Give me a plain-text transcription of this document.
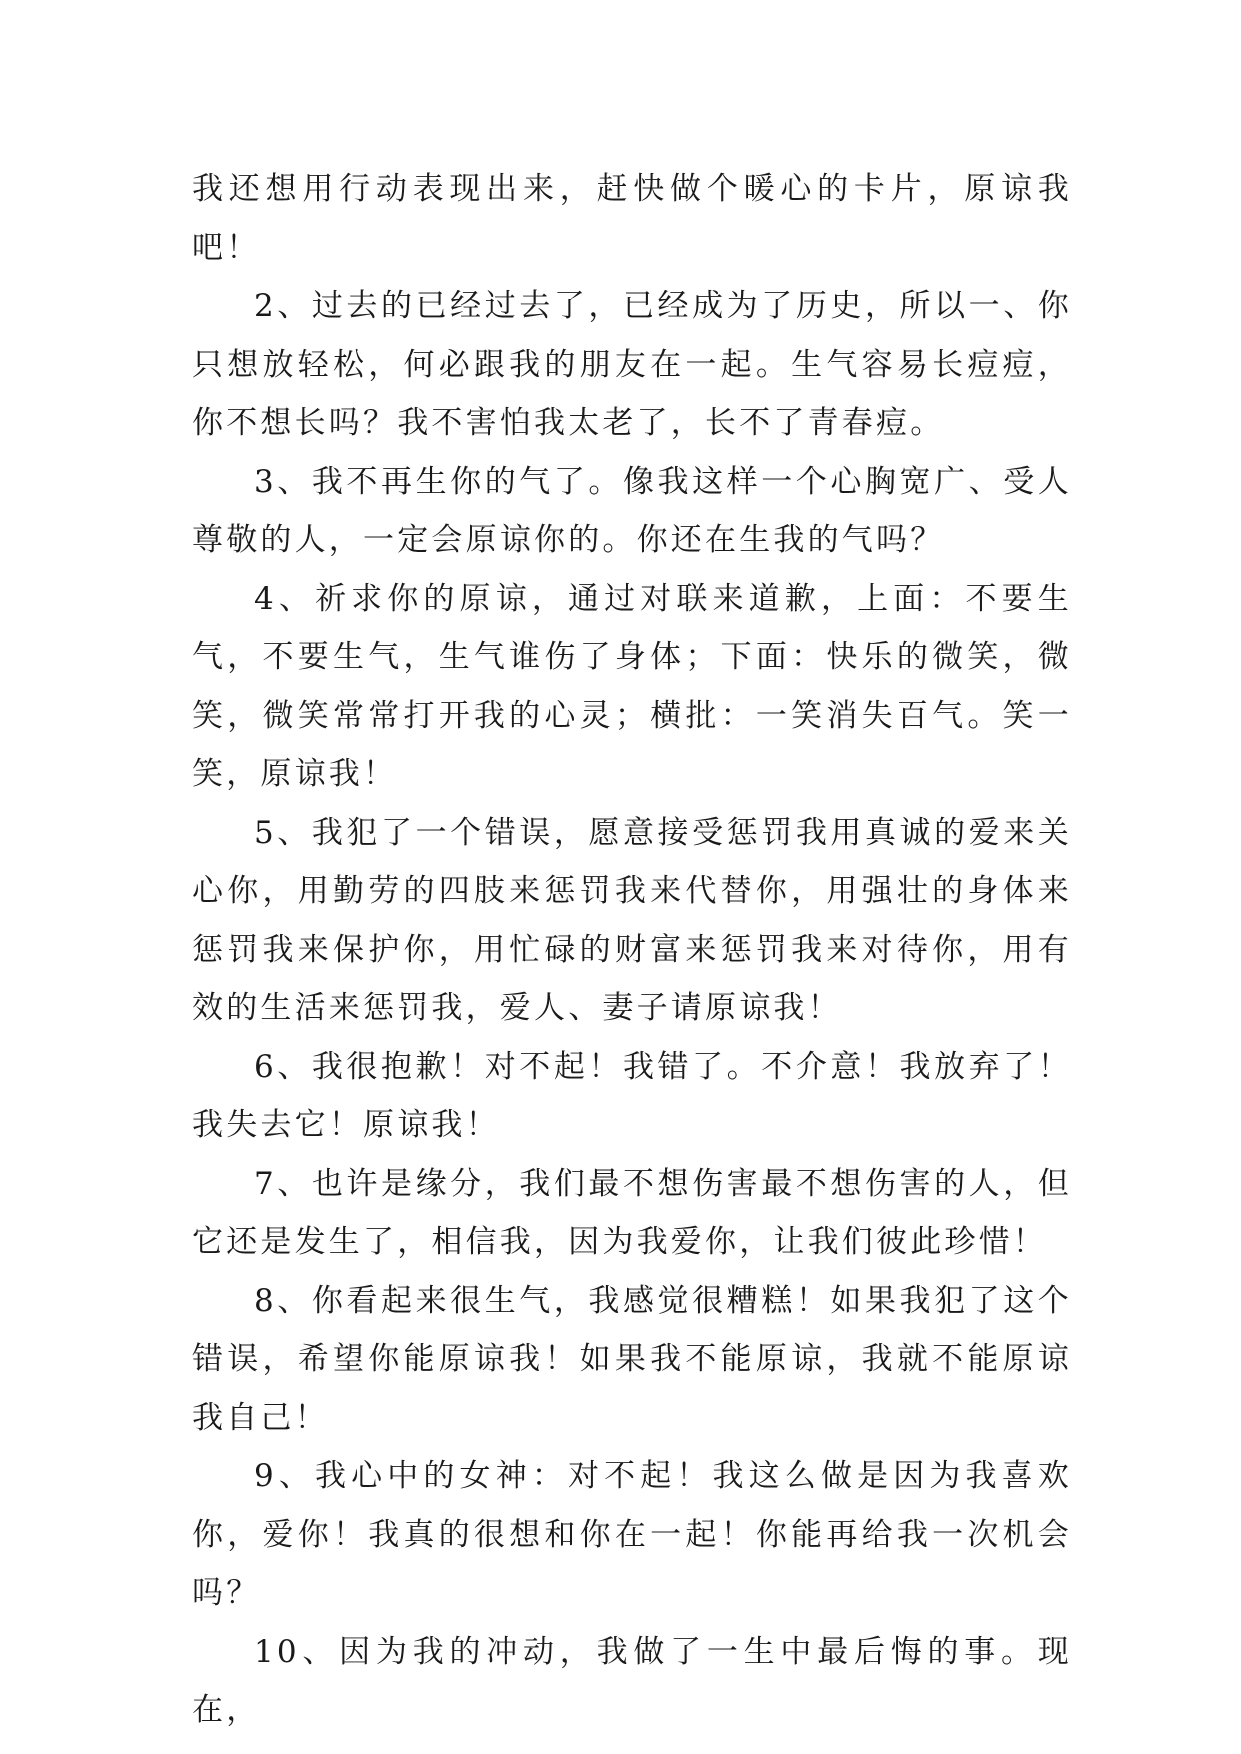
我还想用行动表现出来，赶快做个暖心的卡片，原谅我吧！

2、过去的已经过去了，已经成为了历史，所以一、你只想放轻松，何必跟我的朋友在一起。生气容易长痘痘，你不想长吗？我不害怕我太老了，长不了青春痘。

3、我不再生你的气了。像我这样一个心胸宽广、受人尊敬的人，一定会原谅你的。你还在生我的气吗？

4、祈求你的原谅，通过对联来道歉，上面：不要生气，不要生气，生气谁伤了身体；下面：快乐的微笑，微笑，微笑常常打开我的心灵；横批：一笑消失百气。笑一笑，原谅我！

5、我犯了一个错误，愿意接受惩罚我用真诚的爱来关心你，用勤劳的四肢来惩罚我来代替你，用强壮的身体来惩罚我来保护你，用忙碌的财富来惩罚我来对待你，用有效的生活来惩罚我，爱人、妻子请原谅我！

6、我很抱歉！对不起！我错了。不介意！我放弃了！我失去它！原谅我！

7、也许是缘分，我们最不想伤害最不想伤害的人，但它还是发生了，相信我，因为我爱你，让我们彼此珍惜！

8、你看起来很生气，我感觉很糟糕！如果我犯了这个错误，希望你能原谅我！如果我不能原谅，我就不能原谅我自己！

9、我心中的女神：对不起！我这么做是因为我喜欢你，爱你！我真的很想和你在一起！你能再给我一次机会吗？

10、因为我的冲动，我做了一生中最后悔的事。现在，
